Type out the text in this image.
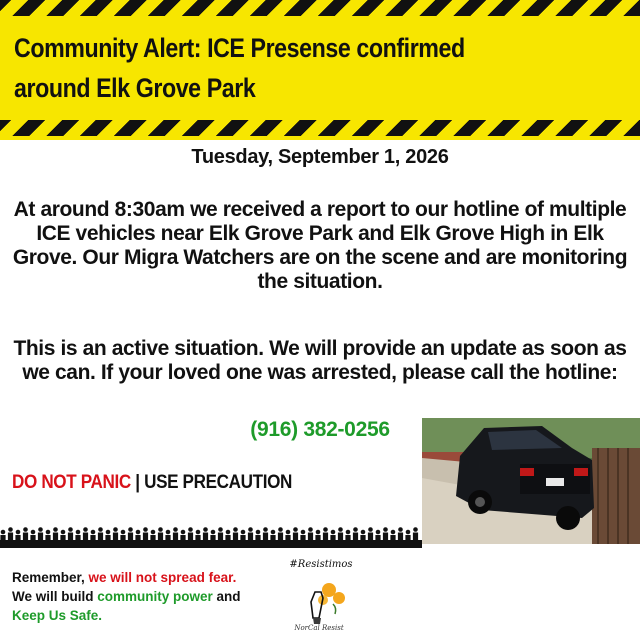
Community Alert: ICE Presense confirmed around Elk Grove Park
Tuesday, September 1, 2026

At around 8:30am we received a report to our hotline of multiple ICE vehicles near Elk Grove Park and Elk Grove High in Elk Grove. Our Migra Watchers are on the scene and are monitoring the situation.

This is an active situation. We will provide an update as soon as we can. If your loved one was arrested, please call the hotline:

(916) 382-0256
DO NOT PANIC | USE PRECAUTION
Remember, we will not spread fear.
We will build community power and
Keep Us Safe.
#Resistimos
NorCal Resist
